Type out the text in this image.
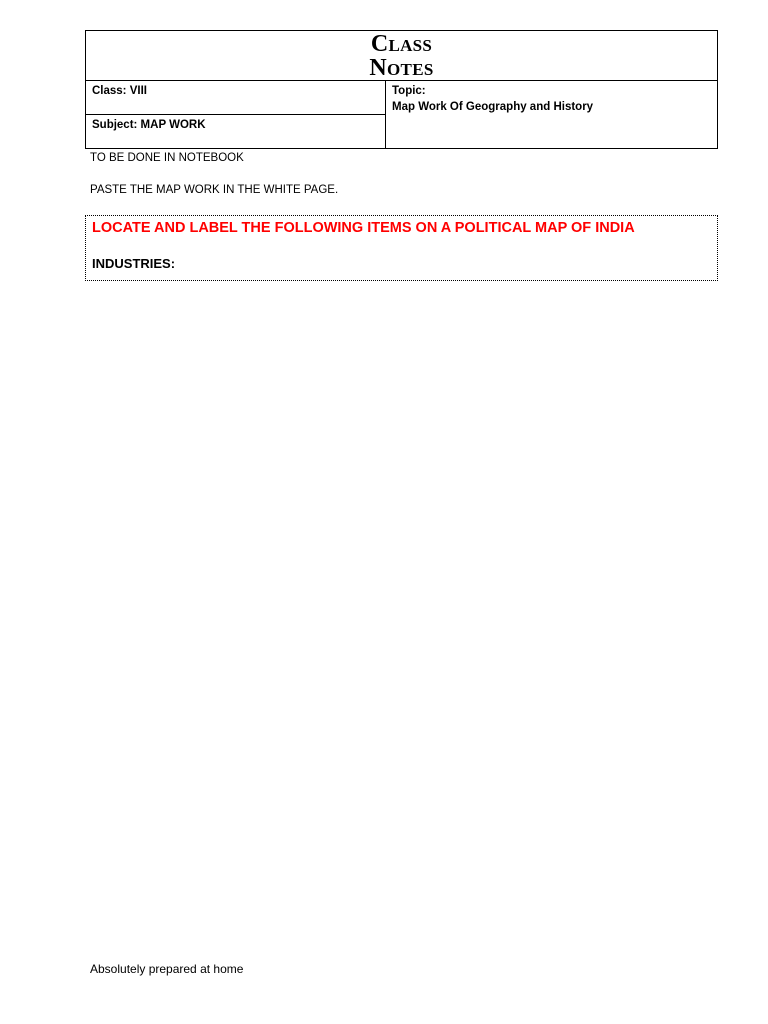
Class
Notes
Class: VIII
Subject: MAP WORK
Topic:
Map Work Of Geography and History
TO BE DONE IN NOTEBOOK
PASTE THE MAP WORK IN THE WHITE PAGE.
LOCATE AND LABEL THE FOLLOWING ITEMS ON A POLITICAL MAP OF INDIA
INDUSTRIES:
Absolutely prepared at home
